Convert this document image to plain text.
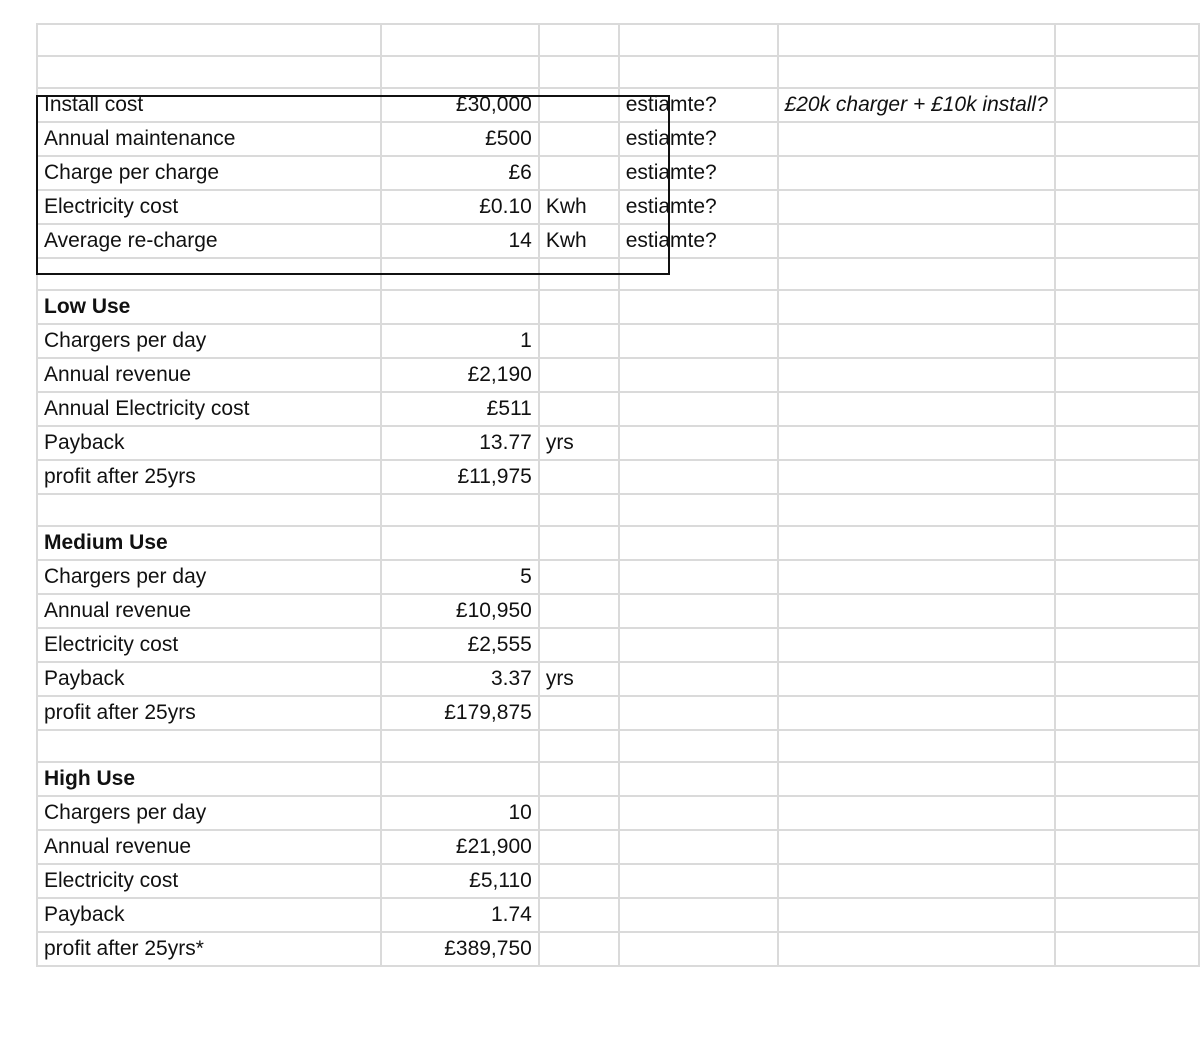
Install cost	£30,000		estiamte?	£20k charger + £10k install?	
Annual maintenance	£500		estiamte?		
Charge per charge	£6		estiamte?		
Electricity cost	£0.10	Kwh	estiamte?		
Average re-charge	14	Kwh	estiamte?		

Low Use					
Chargers per day	1				
Annual revenue	£2,190				
Annual Electricity cost	£511				
Payback	13.77	yrs			
profit after 25yrs	£11,975				

Medium Use					
Chargers per day	5				
Annual revenue	£10,950				
Electricity cost	£2,555				
Payback	3.37	yrs			
profit after 25yrs	£179,875				

High Use					
Chargers per day	10				
Annual revenue	£21,900				
Electricity cost	£5,110				
Payback	1.74				
profit after 25yrs*	£389,750				
